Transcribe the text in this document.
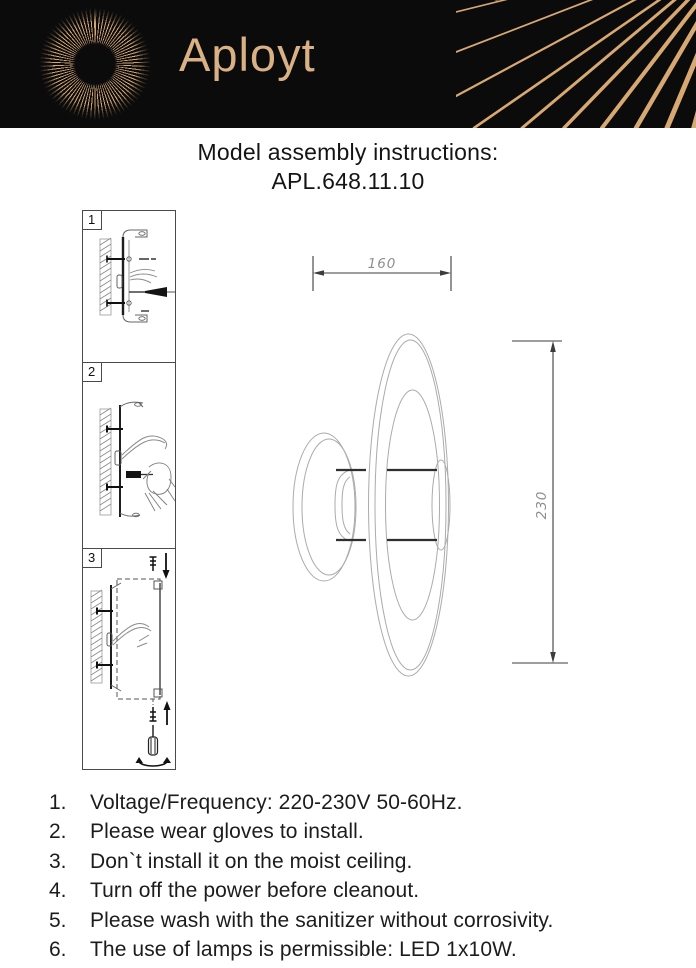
Aployt
Model assembly instructions:
APL.648.11.10
1
2
3
160
230
1.	Voltage/Frequency: 220-230V 50-60Hz.
2.	Please wear gloves to install.
3.	Don`t install it on the moist ceiling.
4.	Turn off the power before cleanout.
5.	Please wash with the sanitizer without corrosivity.
6.	The use of lamps is permissible: LED 1x10W.
